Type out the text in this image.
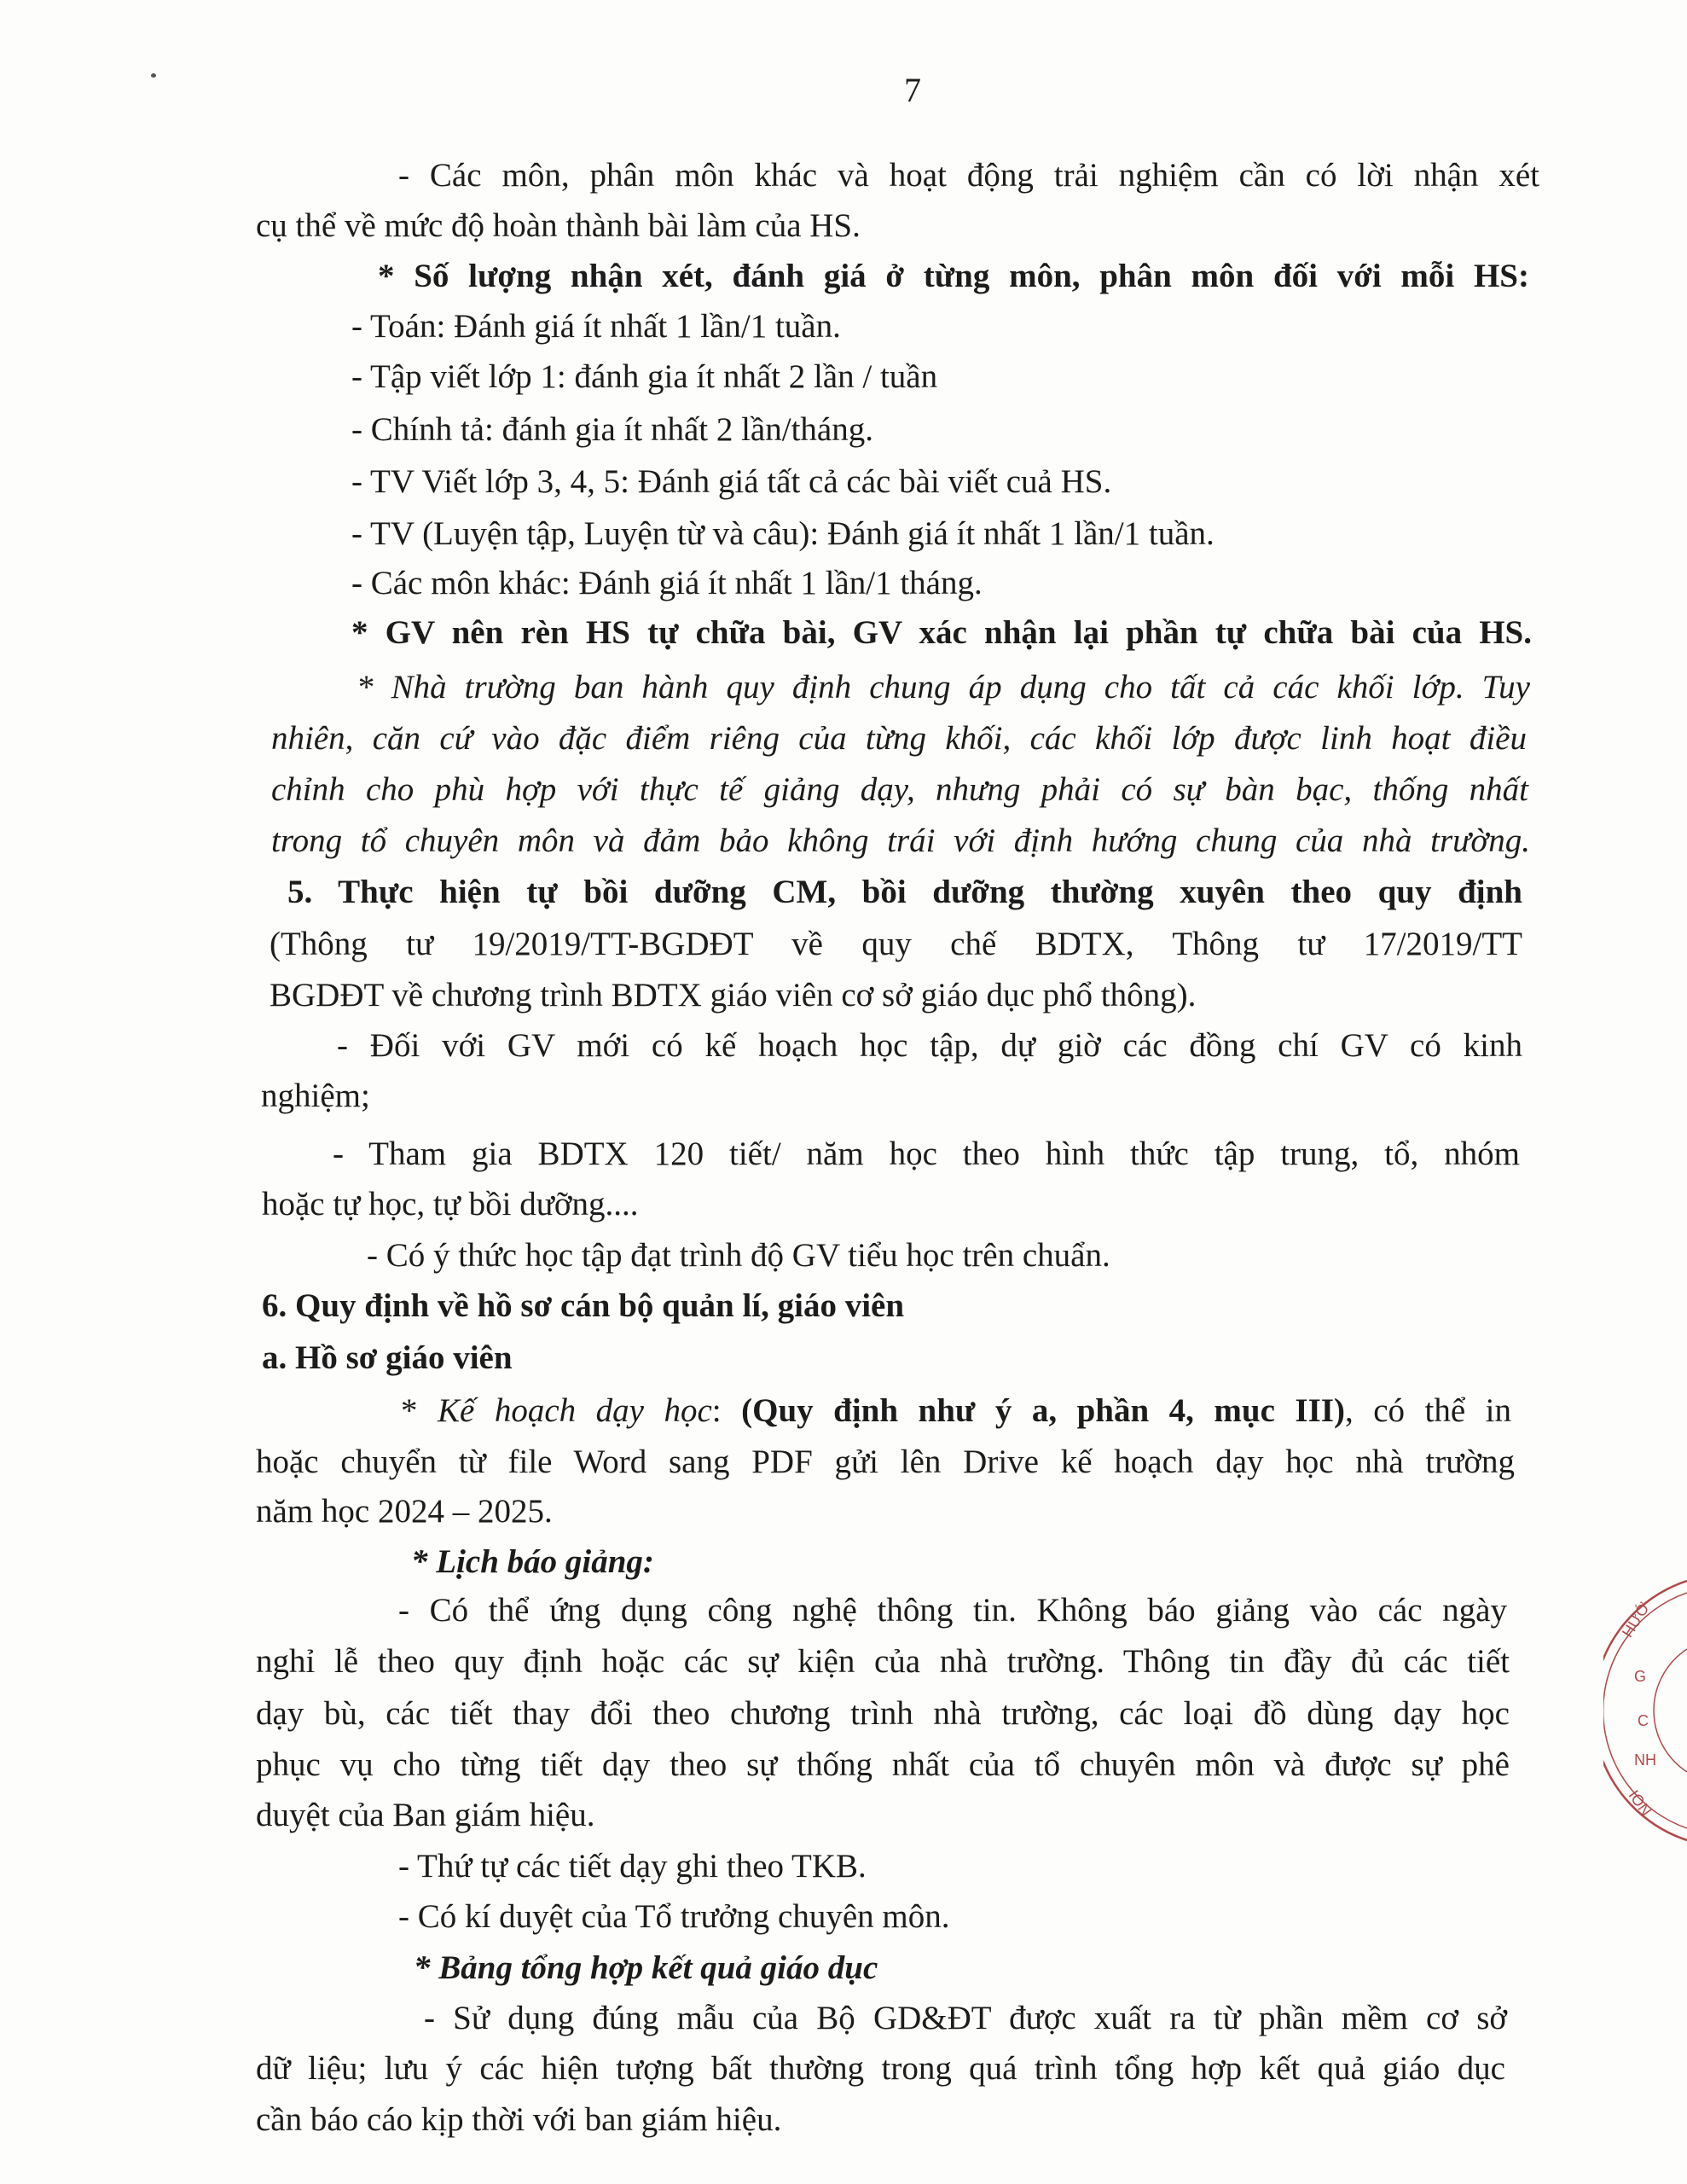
7
- Các môn, phân môn khác và hoạt động trải nghiệm cần có lời nhận xét
cụ thể về mức độ hoàn thành bài làm của HS.
* Số lượng nhận xét, đánh giá ở từng môn, phân môn đối với mỗi HS:
- Toán: Đánh giá ít nhất 1 lần/1 tuần.
- Tập viết lớp 1: đánh gia ít nhất 2 lần / tuần
- Chính tả: đánh gia ít nhất 2 lần/tháng.
- TV Viết lớp 3, 4, 5: Đánh giá tất cả các bài viết cuả HS.
- TV (Luyện tập, Luyện từ và câu): Đánh giá ít nhất 1 lần/1 tuần.
- Các môn khác: Đánh giá ít nhất 1 lần/1 tháng.
* GV nên rèn HS tự chữa bài, GV xác nhận lại phần tự chữa bài của HS.
* Nhà trường ban hành quy định chung áp dụng cho tất cả các khối lớp. Tuy
nhiên, căn cứ vào đặc điểm riêng của từng khối, các khối lớp được linh hoạt điều
chỉnh cho phù hợp với thực tế giảng dạy, nhưng phải có sự bàn bạc, thống nhất
trong tổ chuyên môn và đảm bảo không trái với định hướng chung của nhà trường.
5. Thực hiện tự bồi dưỡng CM, bồi dưỡng thường xuyên theo quy định
(Thông tư 19/2019/TT-BGDĐT về quy chế BDTX, Thông tư 17/2019/TT
BGDĐT về chương trình BDTX giáo viên cơ sở giáo dục phổ thông).
- Đối với GV mới có kế hoạch học tập, dự giờ các đồng chí GV có kinh
nghiệm;
- Tham gia BDTX 120 tiết/ năm học theo hình thức tập trung, tổ, nhóm
hoặc tự học, tự bồi dưỡng....
- Có ý thức học tập đạt trình độ GV tiểu học trên chuẩn.
6. Quy định về hồ sơ cán bộ quản lí, giáo viên
a. Hồ sơ giáo viên
* Kế hoạch dạy học: (Quy định như ý a, phần 4, mục III), có thể in
hoặc chuyển từ file Word sang PDF gửi lên Drive kế hoạch dạy học nhà trường
năm học 2024 – 2025.
* Lịch báo giảng:
- Có thể ứng dụng công nghệ thông tin. Không báo giảng vào các ngày
nghỉ lễ theo quy định hoặc các sự kiện của nhà trường. Thông tin đầy đủ các tiết
dạy bù, các tiết thay đổi theo chương trình nhà trường, các loại đồ dùng dạy học
phục vụ cho từng tiết dạy theo sự thống nhất của tổ chuyên môn và được sự phê
duyệt của Ban giám hiệu.
- Thứ tự các tiết dạy ghi theo TKB.
- Có kí duyệt của Tổ trưởng chuyên môn.
* Bảng tổng hợp kết quả giáo dục
- Sử dụng đúng mẫu của Bộ GD&ĐT được xuất ra từ phần mềm cơ sở
dữ liệu; lưu ý các hiện tượng bất thường trong quá trình tổng hợp kết quả giáo dục
cần báo cáo kịp thời với ban giám hiệu.
HƯỚ
G
C
NH
ION
